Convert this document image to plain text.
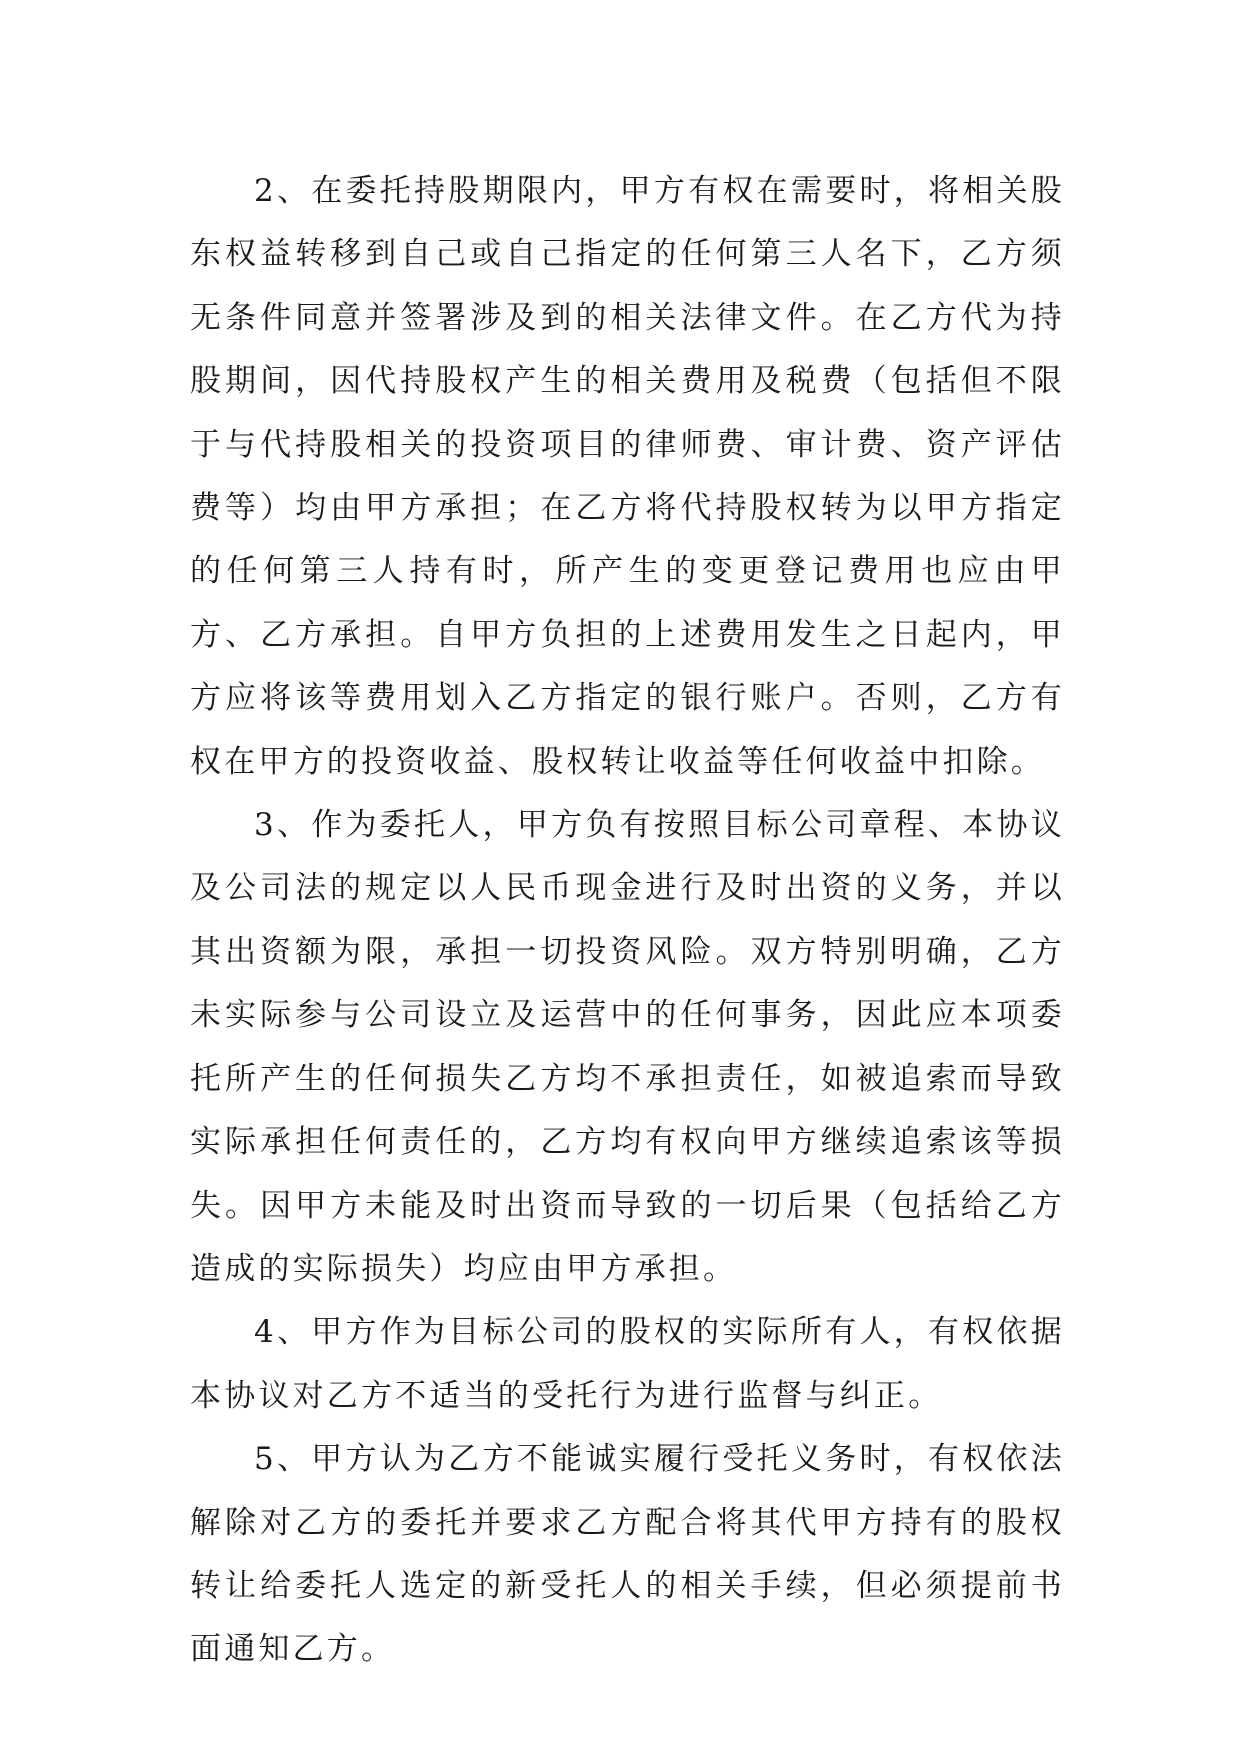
2、在委托持股期限内，甲方有权在需要时，将相关股东权益转移到自己或自己指定的任何第三人名下，乙方须无条件同意并签署涉及到的相关法律文件。在乙方代为持股期间，因代持股权产生的相关费用及税费（包括但不限于与代持股相关的投资项目的律师费、审计费、资产评估费等）均由甲方承担；在乙方将代持股权转为以甲方指定的任何第三人持有时，所产生的变更登记费用也应由甲方、乙方承担。自甲方负担的上述费用发生之日起内，甲方应将该等费用划入乙方指定的银行账户。否则，乙方有权在甲方的投资收益、股权转让收益等任何收益中扣除。

3、作为委托人，甲方负有按照目标公司章程、本协议及公司法的规定以人民币现金进行及时出资的义务，并以其出资额为限，承担一切投资风险。双方特别明确，乙方未实际参与公司设立及运营中的任何事务，因此应本项委托所产生的任何损失乙方均不承担责任，如被追索而导致实际承担任何责任的，乙方均有权向甲方继续追索该等损失。因甲方未能及时出资而导致的一切后果（包括给乙方造成的实际损失）均应由甲方承担。

4、甲方作为目标公司的股权的实际所有人，有权依据本协议对乙方不适当的受托行为进行监督与纠正。

5、甲方认为乙方不能诚实履行受托义务时，有权依法解除对乙方的委托并要求乙方配合将其代甲方持有的股权转让给委托人选定的新受托人的相关手续，但必须提前书面通知乙方。
